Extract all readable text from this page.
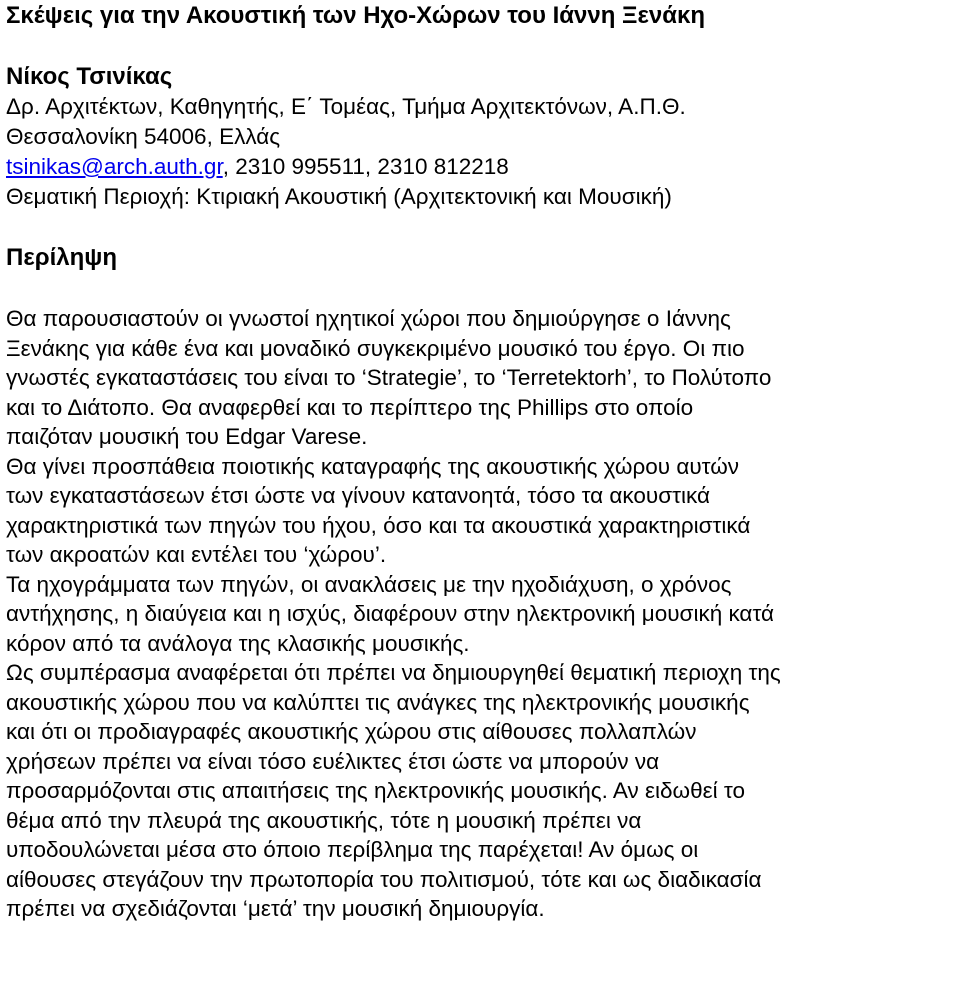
Σκέψεις για την Ακουστική των Ηχο-Χώρων του Ιάννη Ξενάκη
Νίκος Τσινίκας
Δρ. Αρχιτέκτων, Καθηγητής, Ε΄ Τομέας, Τμήμα Αρχιτεκτόνων, Α.Π.Θ.
Θεσσαλονίκη 54006, Ελλάς
tsinikas@arch.auth.gr, 2310 995511, 2310 812218
Θεματική Περιοχή: Κτιριακή Ακουστική (Αρχιτεκτονική και Μουσική)
Περίληψη

Θα παρουσιαστούν οι γνωστοί ηχητικοί χώροι που δημιούργησε ο Ιάννης
Ξενάκης για κάθε ένα και μοναδικό συγκεκριμένο μουσικό του έργο. Οι πιο
γνωστές εγκαταστάσεις του είναι το ‘Strategie’, το ‘Terretektorh’, το Πολύτοπο
και το Διάτοπο. Θα αναφερθεί και το περίπτερο της Phillips στο οποίο
παιζόταν μουσική του Edgar Varese.

Θα γίνει προσπάθεια ποιοτικής καταγραφής της ακουστικής χώρου αυτών
των εγκαταστάσεων έτσι ώστε να γίνουν κατανοητά, τόσο τα ακουστικά
χαρακτηριστικά των πηγών του ήχου, όσο και τα ακουστικά χαρακτηριστικά
των ακροατών και εντέλει του ‘χώρου’.

Τα ηχογράμματα των πηγών, οι ανακλάσεις με την ηχοδιάχυση, ο χρόνος
αντήχησης, η διαύγεια και η ισχύς, διαφέρουν στην ηλεκτρονική μουσική κατά
κόρον από τα ανάλογα της κλασικής μουσικής.

Ως συμπέρασμα αναφέρεται ότι πρέπει να δημιουργηθεί θεματική περιοχη της
ακουστικής χώρου που να καλύπτει τις ανάγκες της ηλεκτρονικής μουσικής
και ότι οι προδιαγραφές ακουστικής χώρου στις αίθουσες πολλαπλών
χρήσεων πρέπει να είναι τόσο ευέλικτες έτσι ώστε να μπορούν να
προσαρμόζονται στις απαιτήσεις της ηλεκτρονικής μουσικής. Αν ειδωθεί το
θέμα από την πλευρά της ακουστικής, τότε η μουσική πρέπει να
υποδουλώνεται μέσα στο όποιο περίβλημα της παρέχεται! Αν όμως οι
αίθουσες στεγάζουν την πρωτοπορία του πολιτισμού, τότε και ως διαδικασία
πρέπει να σχεδιάζονται ‘μετά’ την μουσική δημιουργία.
